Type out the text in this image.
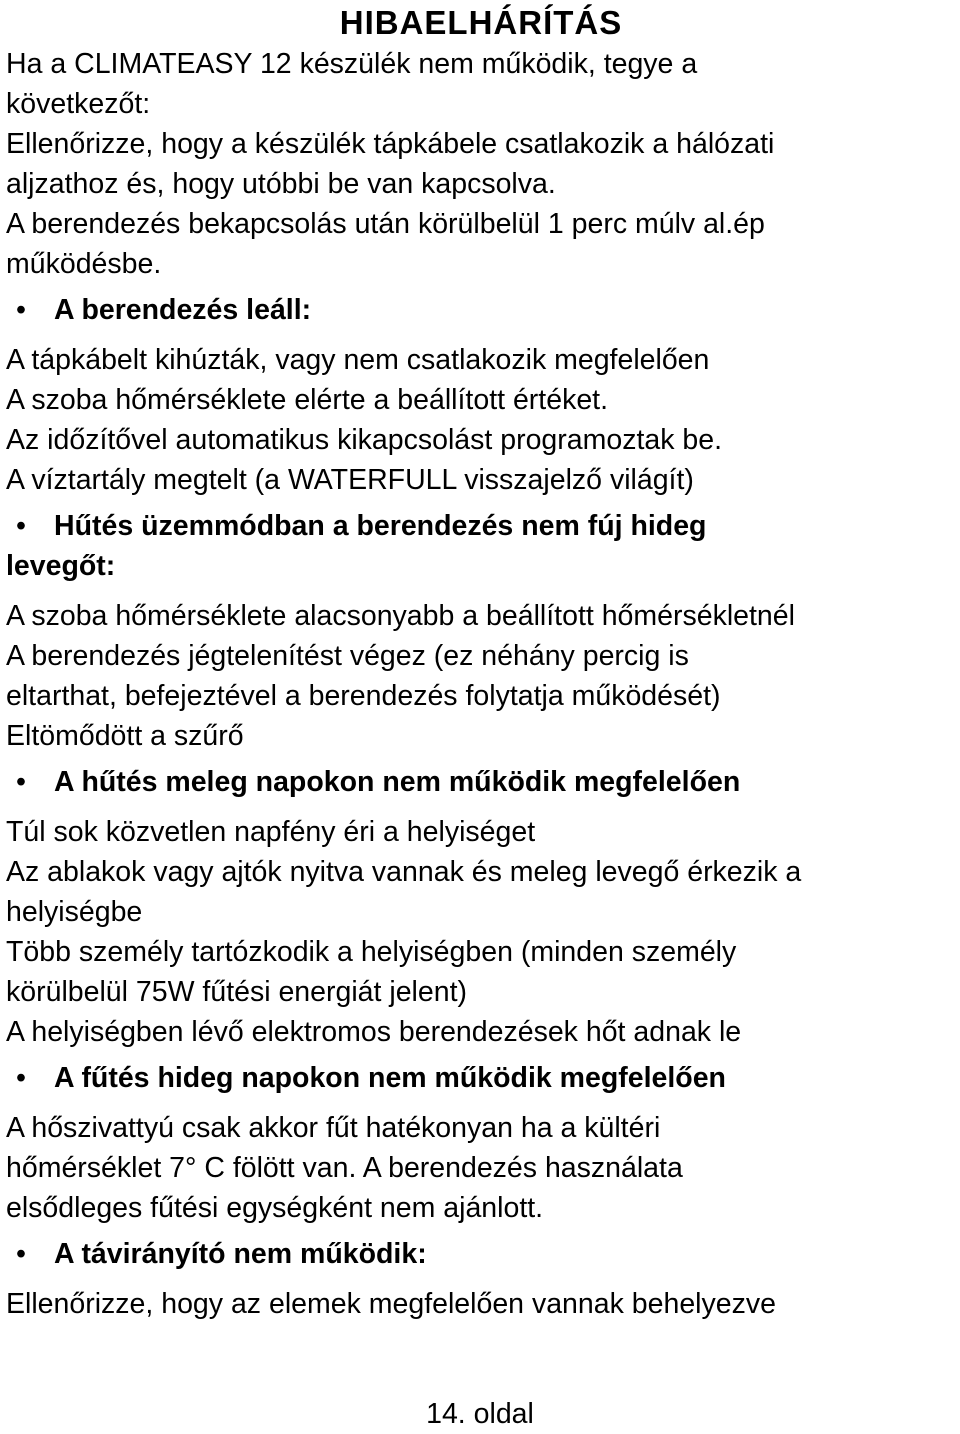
HIBAELHÁRÍTÁS

Ha a CLIMATEASY 12 készülék nem működik, tegye a

következőt:

Ellenőrizze, hogy a készülék tápkábele csatlakozik a hálózati

aljzathoz és, hogy utóbbi be van kapcsolva.

A berendezés bekapcsolás után körülbelül 1 perc múlv al.ép

működésbe.

• A berendezés leáll:

A tápkábelt kihúzták, vagy nem csatlakozik megfelelően

A szoba hőmérséklete elérte a beállított értéket.

Az időzítővel automatikus kikapcsolást programoztak be.

A víztartály megtelt (a WATERFULL visszajelző világít)

• Hűtés üzemmódban a berendezés nem fúj hideg
levegőt:

A szoba hőmérséklete alacsonyabb a beállított hőmérsékletnél

A berendezés jégtelenítést végez (ez néhány percig is

eltarthat, befejeztével a berendezés folytatja működését)

Eltömődött a szűrő

• A hűtés meleg napokon nem működik megfelelően

Túl sok közvetlen napfény éri a helyiséget

Az ablakok vagy ajtók nyitva vannak és meleg levegő érkezik a

helyiségbe

Több személy tartózkodik a helyiségben (minden személy

körülbelül 75W fűtési energiát jelent)

A helyiségben lévő elektromos berendezések hőt adnak le

• A fűtés hideg napokon nem működik megfelelően

A hőszivattyú csak akkor fűt hatékonyan ha a kültéri

hőmérséklet 7° C fölött van. A berendezés használata

elsődleges fűtési egységként nem ajánlott.

• A távirányító nem működik:

Ellenőrizze, hogy az elemek megfelelően vannak behelyezve

14. oldal
